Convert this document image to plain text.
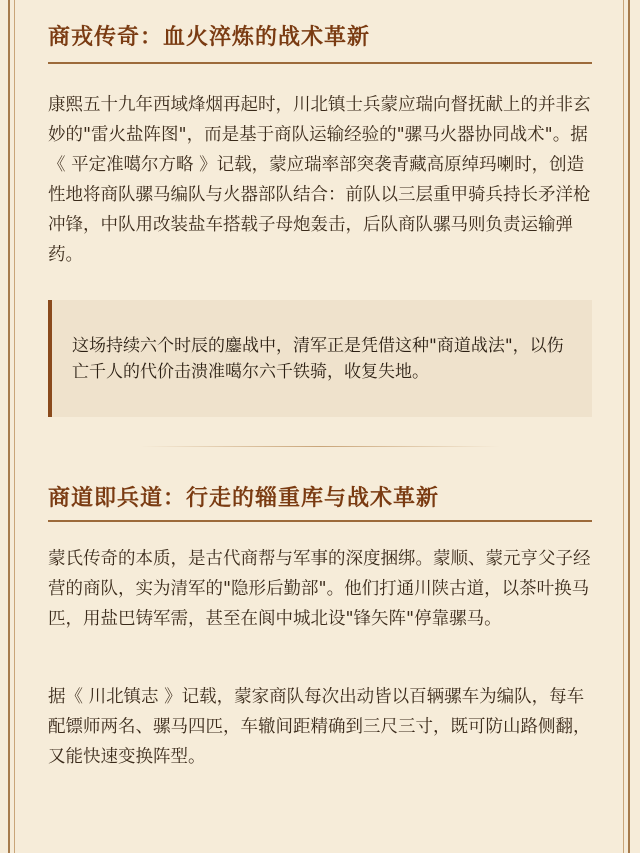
商戎传奇：血火淬炼的战术革新

康熙五十九年西域烽烟再起时，川北镇士兵蒙应瑞向督抚献上的并非玄妙的"雷火盐阵图"，而是基于商队运输经验的"骡马火器协同战术"。据《 平定准噶尔方略 》记载，蒙应瑞率部突袭青藏高原绰玛喇时，创造性地将商队骡马编队与火器部队结合：前队以三层重甲骑兵持长矛洋枪冲锋，中队用改装盐车搭载子母炮轰击，后队商队骡马则负责运输弹药。

这场持续六个时辰的鏖战中，清军正是凭借这种"商道战法"，以伤亡千人的代价击溃准噶尔六千铁骑，收复失地。
商道即兵道：行走的辎重库与战术革新

蒙氏传奇的本质，是古代商帮与军事的深度捆绑。蒙顺、蒙元亨父子经营的商队，实为清军的"隐形后勤部"。他们打通川陕古道，以茶叶换马匹，用盐巴铸军需，甚至在阆中城北设"锋矢阵"停靠骡马。

据《 川北镇志 》记载，蒙家商队每次出动皆以百辆骡车为编队，每车配镖师两名、骡马四匹，车辙间距精确到三尺三寸，既可防山路侧翻，又能快速变换阵型。
